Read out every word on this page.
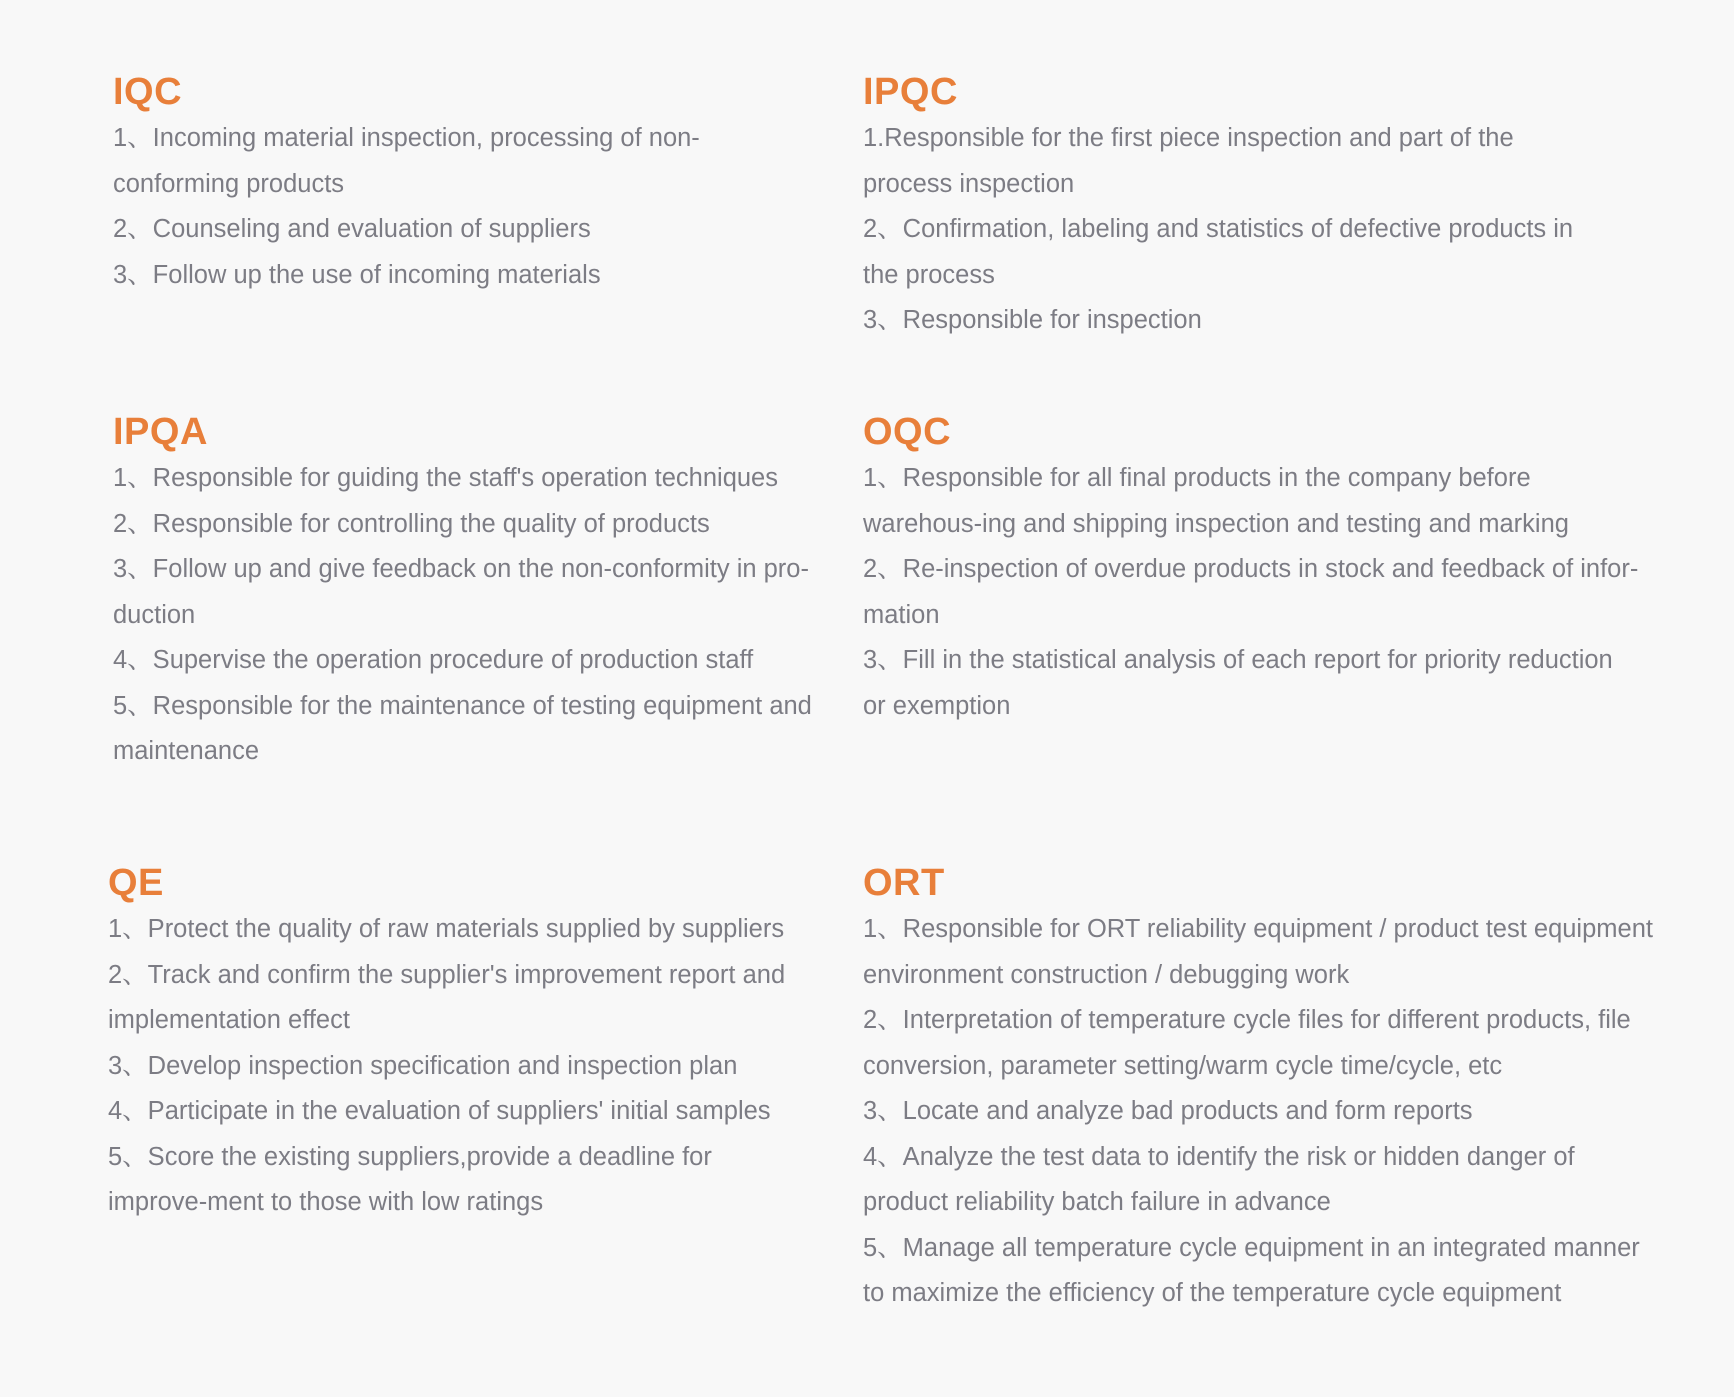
IQC
1、Incoming material inspection, processing of non-conforming products
2、Counseling and evaluation of suppliers
3、Follow up the use of incoming materials
IPQC
1.Responsible for the first piece inspection and part of the process inspection
2、Confirmation, labeling and statistics of defective products in the process
3、Responsible for inspection
IPQA
1、Responsible for guiding the staff's operation techniques
2、Responsible for controlling the quality of products
3、Follow up and give feedback on the non-conformity in pro-duction
4、Supervise the operation procedure of production staff
5、Responsible for the maintenance of testing equipment and maintenance
OQC
1、Responsible for all final products in the company before warehous-ing and shipping inspection and testing and marking
2、Re-inspection of overdue products in stock and feedback of infor-mation
3、Fill in the statistical analysis of each report for priority reduction or exemption
QE
1、Protect the quality of raw materials supplied by suppliers
2、Track and confirm the supplier's improvement report and implementation effect
3、Develop inspection specification and inspection plan
4、Participate in the evaluation of suppliers' initial samples
5、Score the existing suppliers,provide a deadline for improve-ment to those with low ratings
ORT
1、Responsible for ORT reliability equipment / product test equipment environment construction / debugging work
2、Interpretation of temperature cycle files for different products, file conversion, parameter setting/warm cycle time/cycle, etc
3、Locate and analyze bad products and form reports
4、Analyze the test data to identify the risk or hidden danger of product reliability batch failure in advance
5、Manage all temperature cycle equipment in an integrated manner to maximize the efficiency of the temperature cycle equipment
